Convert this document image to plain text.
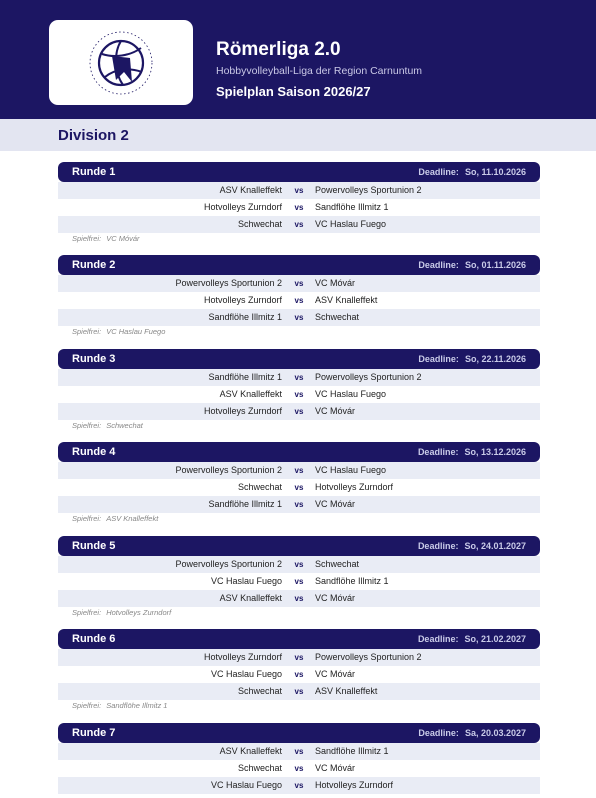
Römerliga 2.0
Hobbyvolleyball-Liga der Region Carnuntum
Spielplan Saison 2026/27
Division 2
Runde 1	Deadline: So, 11.10.2026
ASV Knalleffekt	vs Powervolleys Sportunion 2
Hotvolleys Zurndorf	vs Sandflöhe Illmitz 1
Schwechat	vs VC Haslau Fuego
Spielfrei: VC Móvár
Runde 2	Deadline: So, 01.11.2026
Powervolleys Sportunion 2	vs VC Móvár
Hotvolleys Zurndorf	vs ASV Knalleffekt
Sandflöhe Illmitz 1	vs Schwechat
Spielfrei: VC Haslau Fuego
Runde 3	Deadline: So, 22.11.2026
Sandflöhe Illmitz 1	vs Powervolleys Sportunion 2
ASV Knalleffekt	vs VC Haslau Fuego
Hotvolleys Zurndorf	vs VC Móvár
Spielfrei: Schwechat
Runde 4	Deadline: So, 13.12.2026
Powervolleys Sportunion 2	vs VC Haslau Fuego
Schwechat	vs Hotvolleys Zurndorf
Sandflöhe Illmitz 1	vs VC Móvár
Spielfrei: ASV Knalleffekt
Runde 5	Deadline: So, 24.01.2027
Powervolleys Sportunion 2	vs Schwechat
VC Haslau Fuego	vs Sandflöhe Illmitz 1
ASV Knalleffekt	vs VC Móvár
Spielfrei: Hotvolleys Zurndorf
Runde 6	Deadline: So, 21.02.2027
Hotvolleys Zurndorf	vs Powervolleys Sportunion 2
VC Haslau Fuego	vs VC Móvár
Schwechat	vs ASV Knalleffekt
Spielfrei: Sandflöhe Illmitz 1
Runde 7	Deadline: Sa, 20.03.2027
ASV Knalleffekt	vs Sandflöhe Illmitz 1
Schwechat	vs VC Móvár
VC Haslau Fuego	vs Hotvolleys Zurndorf
